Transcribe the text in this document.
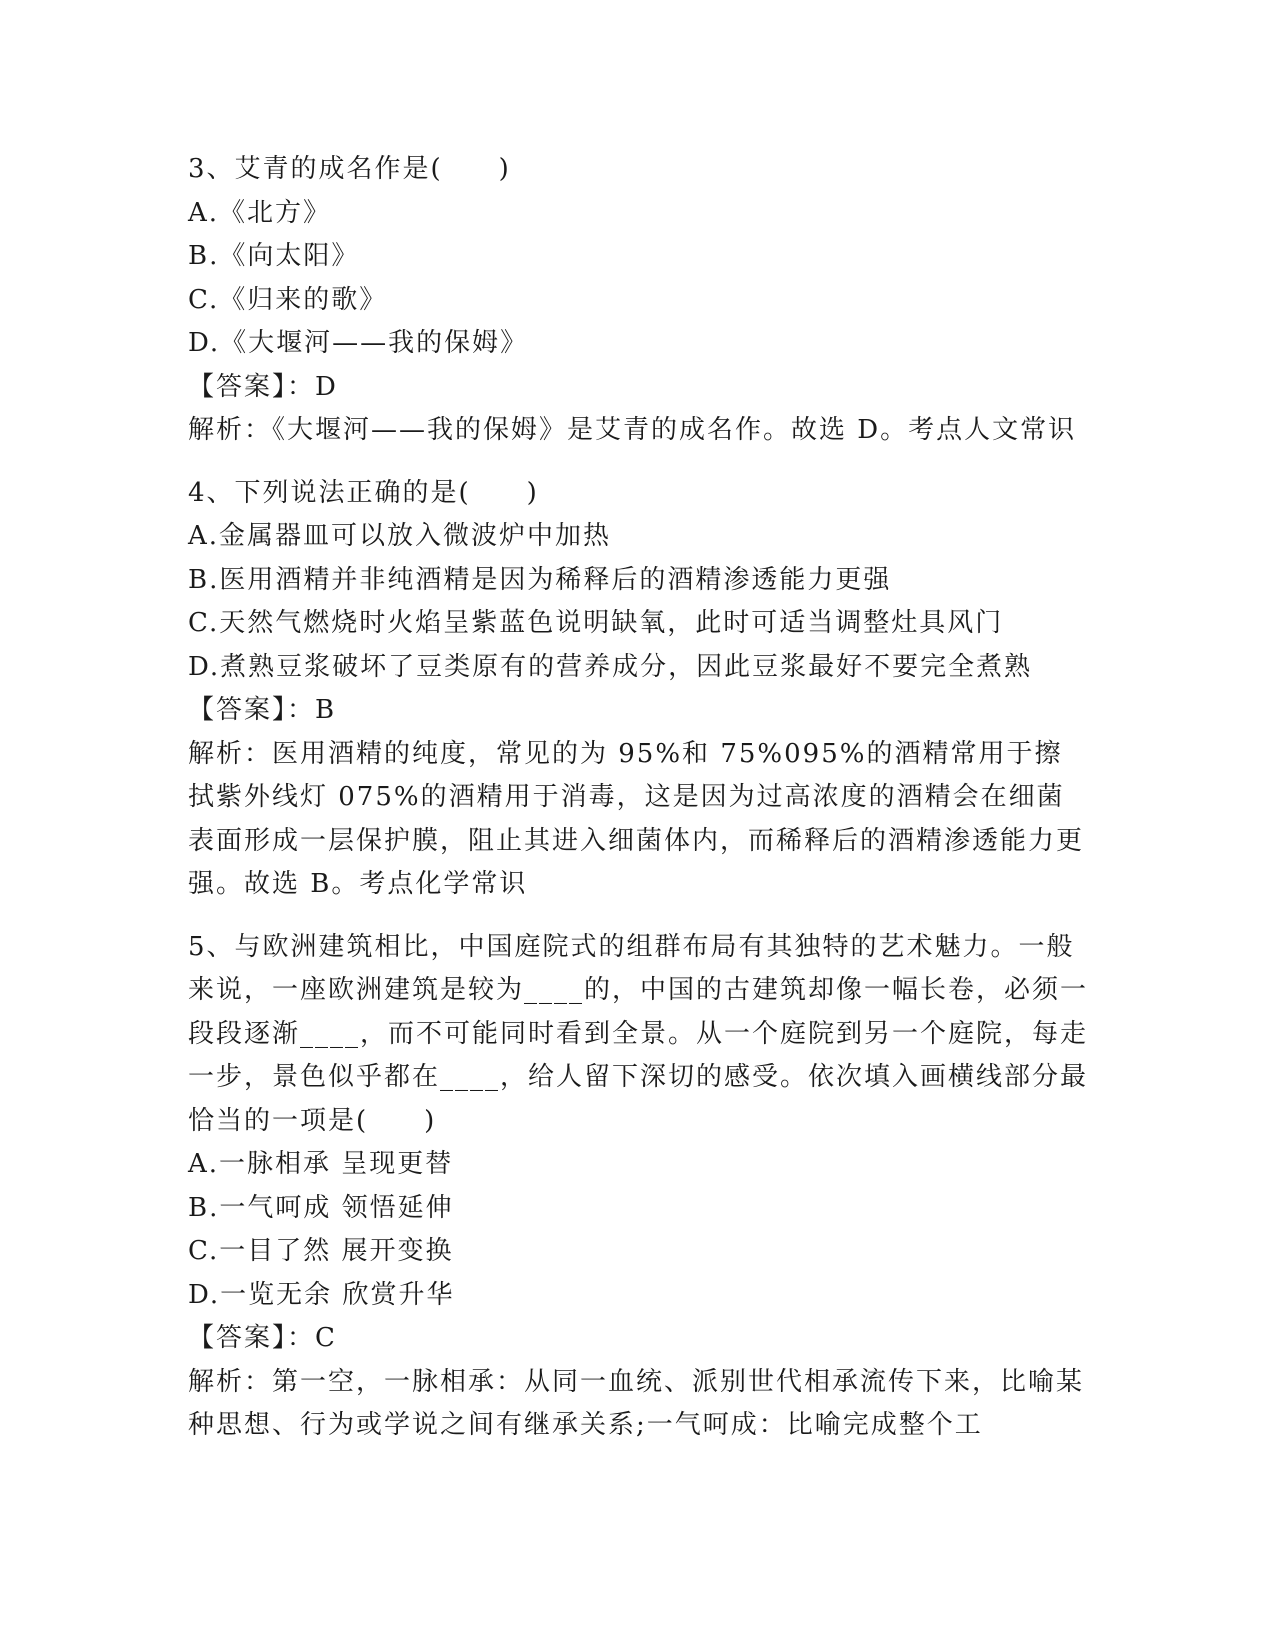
3、艾青的成名作是(　　)
A.《北方》
B.《向太阳》
C.《归来的歌》
D.《大堰河——我的保姆》
【答案】：D
解析：《大堰河——我的保姆》是艾青的成名作。故选 D。考点人文常识
4、下列说法正确的是(　　)
A.金属器皿可以放入微波炉中加热
B.医用酒精并非纯酒精是因为稀释后的酒精渗透能力更强
C.天然气燃烧时火焰呈紫蓝色说明缺氧，此时可适当调整灶具风门
D.煮熟豆浆破坏了豆类原有的营养成分，因此豆浆最好不要完全煮熟
【答案】：B
解析：医用酒精的纯度，常见的为 95%和 75%095%的酒精常用于擦拭紫外线灯 075%的酒精用于消毒，这是因为过高浓度的酒精会在细菌表面形成一层保护膜，阻止其进入细菌体内，而稀释后的酒精渗透能力更强。故选 B。考点化学常识
5、与欧洲建筑相比，中国庭院式的组群布局有其独特的艺术魅力。一般来说，一座欧洲建筑是较为____的，中国的古建筑却像一幅长卷，必须一段段逐渐____，而不可能同时看到全景。从一个庭院到另一个庭院，每走一步，景色似乎都在____，给人留下深切的感受。依次填入画横线部分最恰当的一项是(　　)
A.一脉相承 呈现更替
B.一气呵成 领悟延伸
C.一目了然 展开变换
D.一览无余 欣赏升华
【答案】：C
解析：第一空，一脉相承：从同一血统、派别世代相承流传下来，比喻某种思想、行为或学说之间有继承关系;一气呵成：比喻完成整个工
